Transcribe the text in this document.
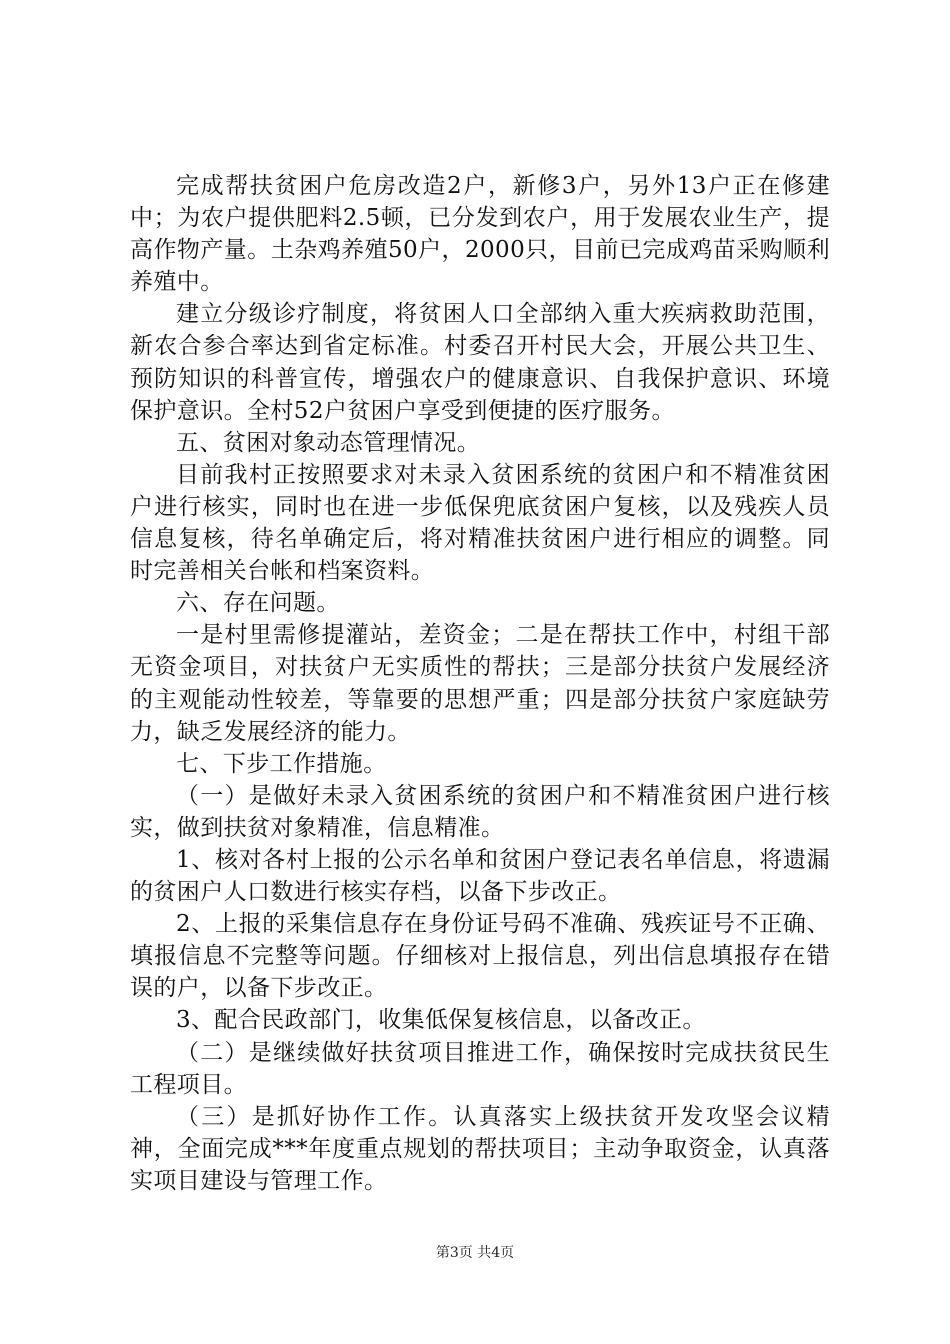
完成帮扶贫困户危房改造2户，新修3户，另外13户正在修建中；为农户提供肥料2.5顿，已分发到农户，用于发展农业生产，提高作物产量。土杂鸡养殖50户，2000只，目前已完成鸡苗采购顺利养殖中。

建立分级诊疗制度，将贫困人口全部纳入重大疾病救助范围，新农合参合率达到省定标准。村委召开村民大会，开展公共卫生、预防知识的科普宣传，增强农户的健康意识、自我保护意识、环境保护意识。全村52户贫困户享受到便捷的医疗服务。

五、贫困对象动态管理情况。

目前我村正按照要求对未录入贫困系统的贫困户和不精准贫困户进行核实，同时也在进一步低保兜底贫困户复核，以及残疾人员信息复核，待名单确定后，将对精准扶贫困户进行相应的调整。同时完善相关台帐和档案资料。

六、存在问题。

一是村里需修提灌站，差资金；二是在帮扶工作中，村组干部无资金项目，对扶贫户无实质性的帮扶；三是部分扶贫户发展经济的主观能动性较差，等靠要的思想严重；四是部分扶贫户家庭缺劳力，缺乏发展经济的能力。

七、下步工作措施。

（一）是做好未录入贫困系统的贫困户和不精准贫困户进行核实，做到扶贫对象精准，信息精准。

1、核对各村上报的公示名单和贫困户登记表名单信息，将遗漏的贫困户人口数进行核实存档，以备下步改正。

2、上报的采集信息存在身份证号码不准确、残疾证号不正确、填报信息不完整等问题。仔细核对上报信息，列出信息填报存在错误的户，以备下步改正。

3、配合民政部门，收集低保复核信息，以备改正。

（二）是继续做好扶贫项目推进工作，确保按时完成扶贫民生工程项目。

（三）是抓好协作工作。认真落实上级扶贫开发攻坚会议精神，全面完成***年度重点规划的帮扶项目；主动争取资金，认真落实项目建设与管理工作。

第3页 共4页
